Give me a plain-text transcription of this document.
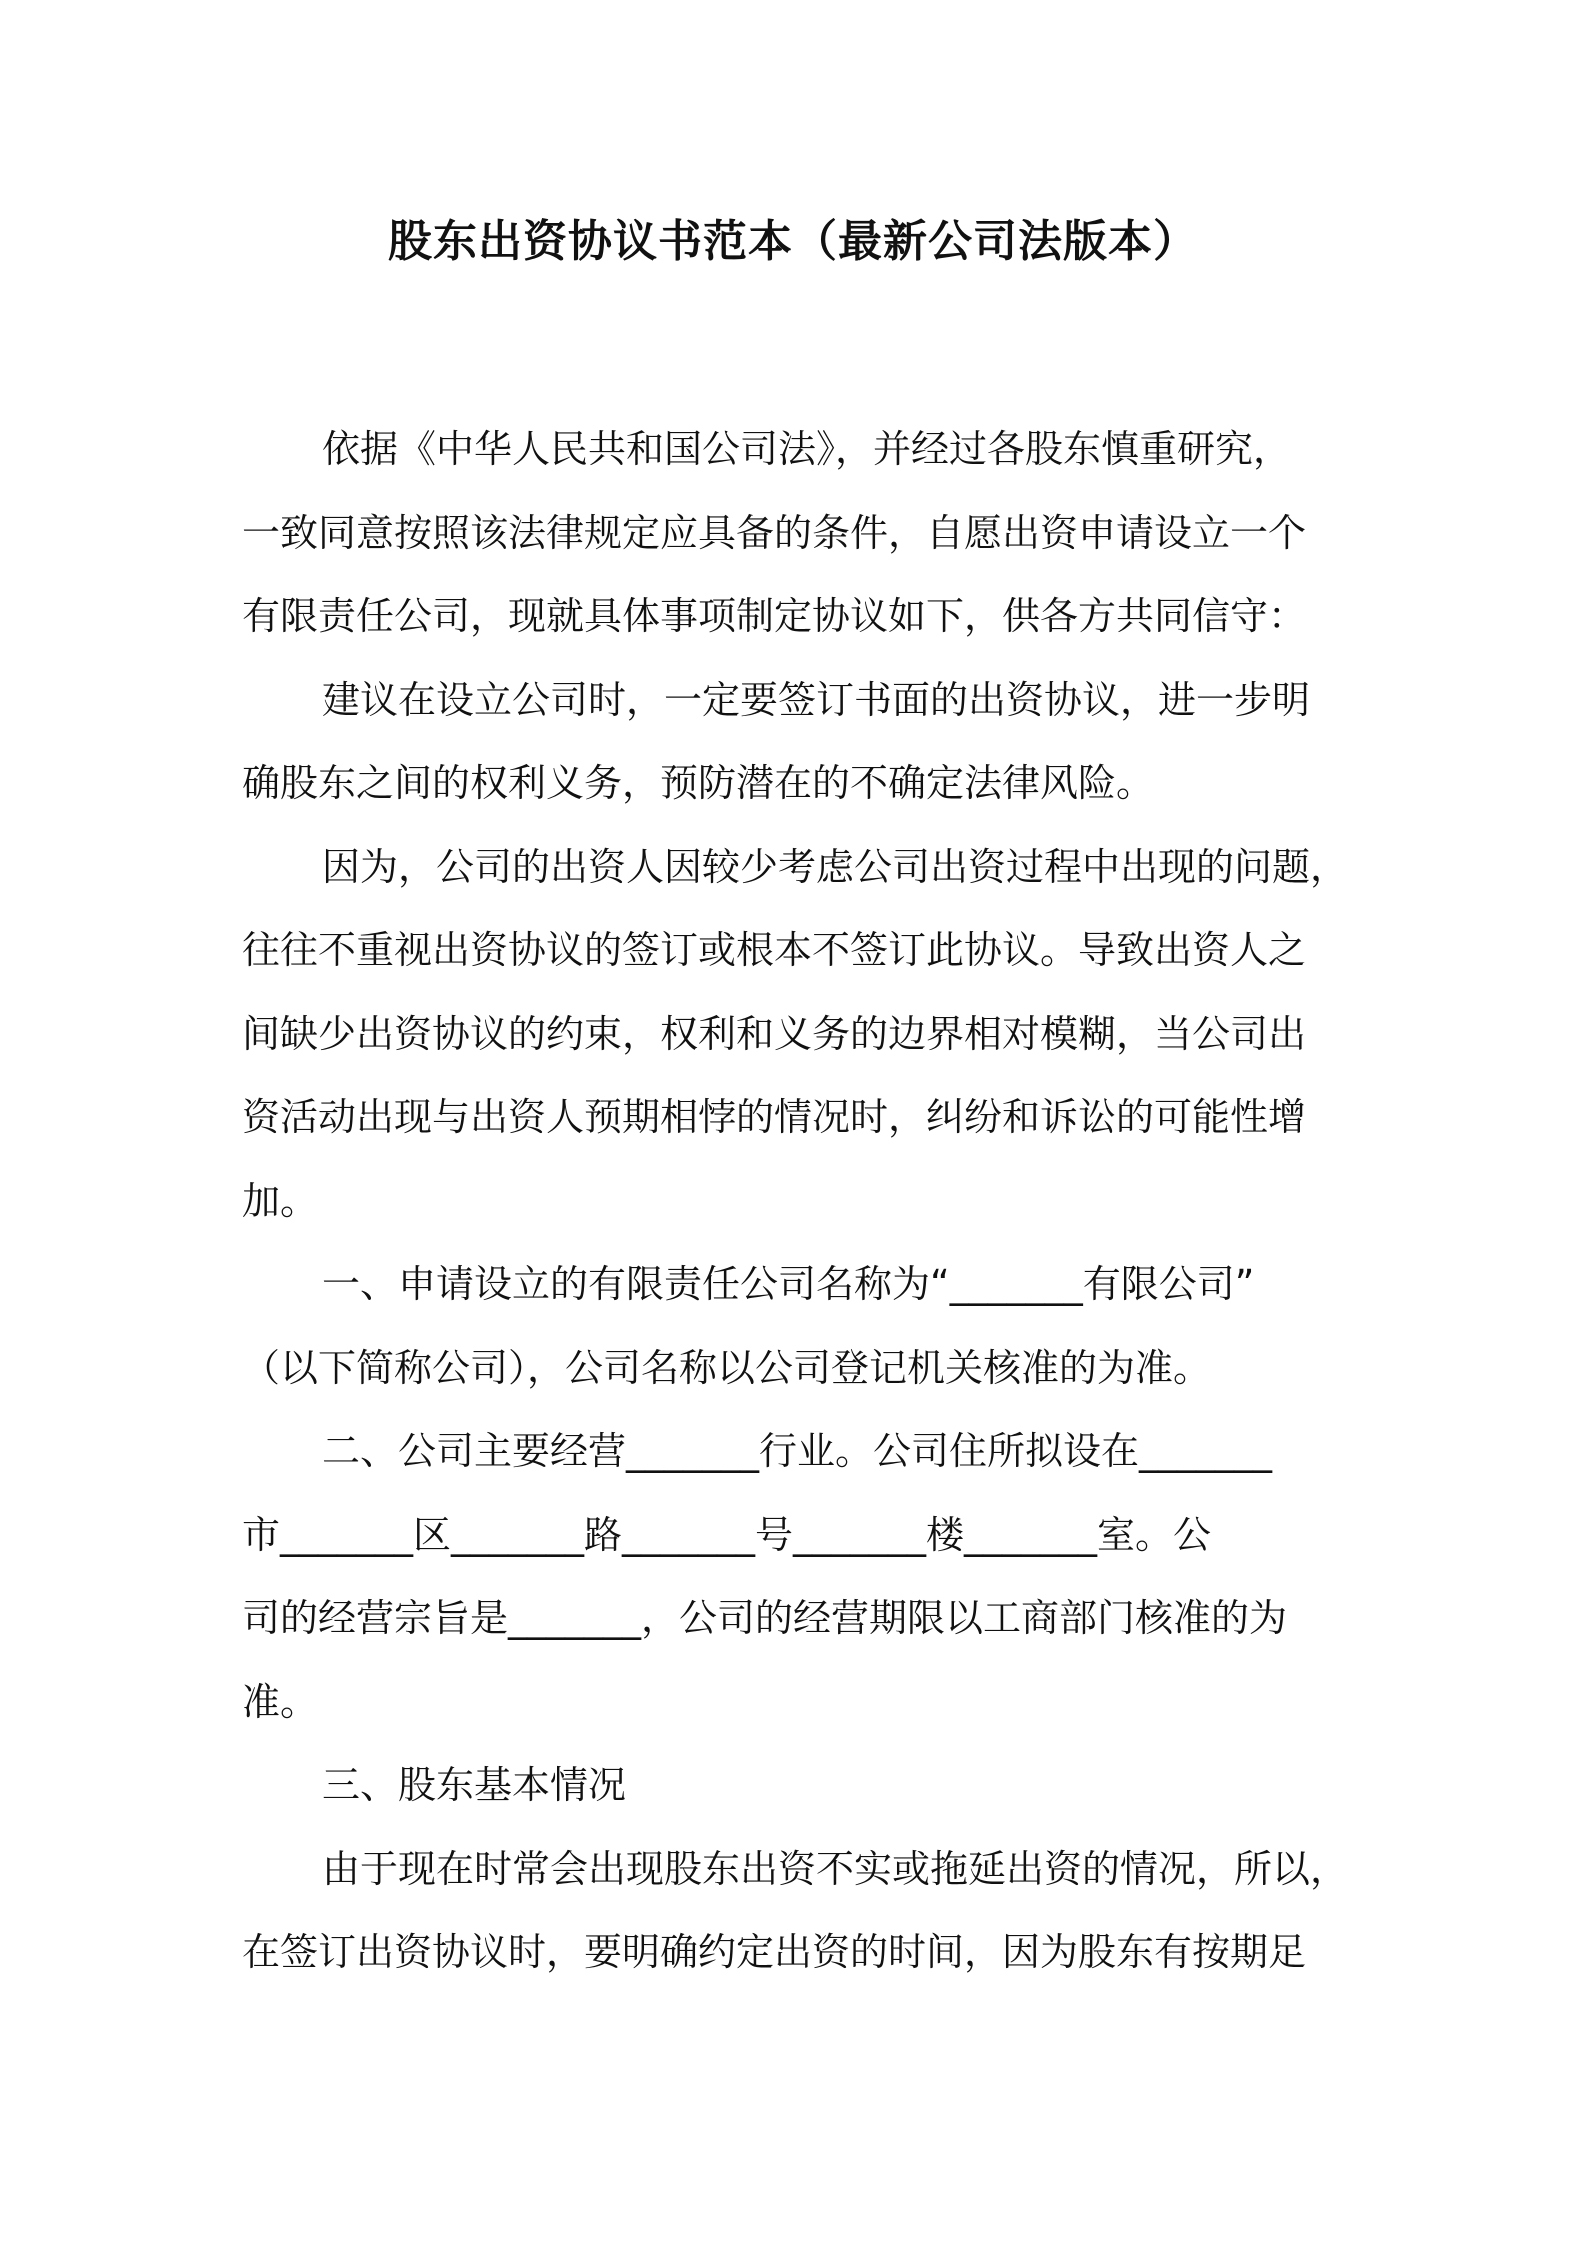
股东出资协议书范本（最新公司法版本）
依据《中华人民共和国公司法》，并经过各股东慎重研究，
一致同意按照该法律规定应具备的条件，自愿出资申请设立一个
有限责任公司，现就具体事项制定协议如下，供各方共同信守：
建议在设立公司时，一定要签订书面的出资协议，进一步明
确股东之间的权利义务，预防潜在的不确定法律风险。
因为，公司的出资人因较少考虑公司出资过程中出现的问题，
往往不重视出资协议的签订或根本不签订此协议。导致出资人之
间缺少出资协议的约束，权利和义务的边界相对模糊，当公司出
资活动出现与出资人预期相悖的情况时，纠纷和诉讼的可能性增
加。
一、申请设立的有限责任公司名称为“_______有限公司”
（以下简称公司），公司名称以公司登记机关核准的为准。
二、公司主要经营_______行业。公司住所拟设在_______
市_______区_______路_______号_______楼_______室。公
司的经营宗旨是_______，公司的经营期限以工商部门核准的为
准。
三、股东基本情况
由于现在时常会出现股东出资不实或拖延出资的情况，所以，
在签订出资协议时，要明确约定出资的时间，因为股东有按期足
